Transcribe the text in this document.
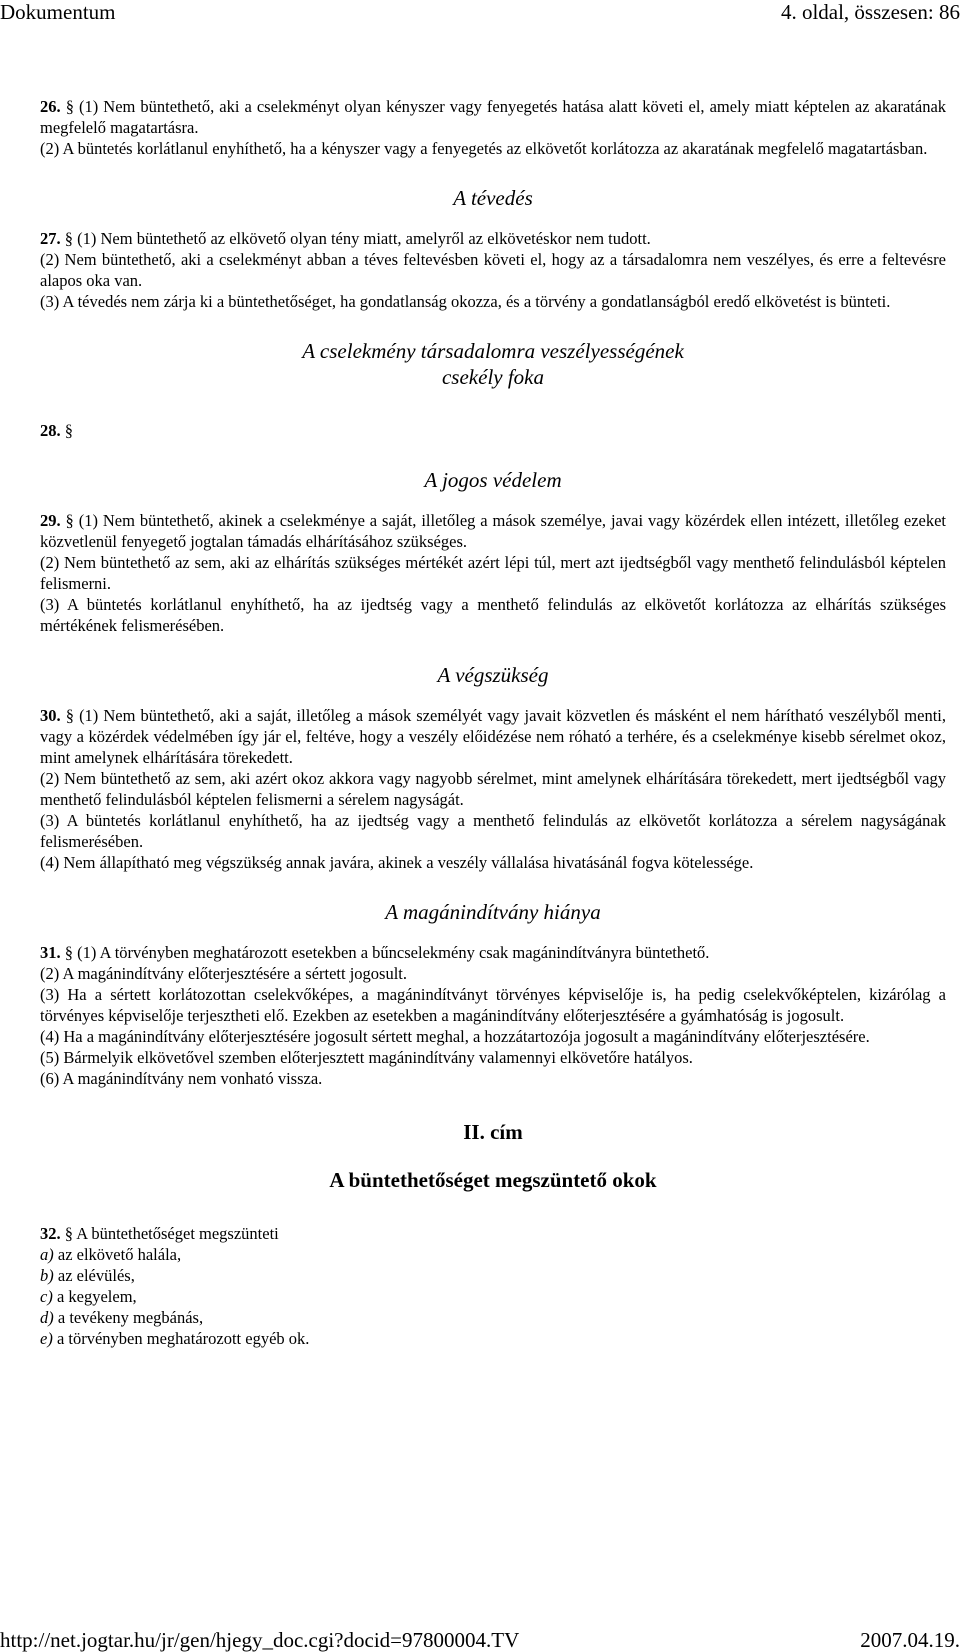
Dokumentum	4. oldal, összesen: 86

26. § (1) Nem büntethető, aki a cselekményt olyan kényszer vagy fenyegetés hatása alatt követi el, amely miatt képtelen az akaratának megfelelő magatartásra.

(2) A büntetés korlátlanul enyhíthető, ha a kényszer vagy a fenyegetés az elkövetőt korlátozza az akaratának megfelelő magatartásban.

A tévedés

27. § (1) Nem büntethető az elkövető olyan tény miatt, amelyről az elkövetéskor nem tudott.

(2) Nem büntethető, aki a cselekményt abban a téves feltevésben követi el, hogy az a társadalomra nem veszélyes, és erre a feltevésre alapos oka van.

(3) A tévedés nem zárja ki a büntethetőséget, ha gondatlanság okozza, és a törvény a gondatlanságból eredő elkövetést is bünteti.

A cselekmény társadalomra veszélyességének

csekély foka

28. §

A jogos védelem

29. § (1) Nem büntethető, akinek a cselekménye a saját, illetőleg a mások személye, javai vagy közérdek ellen intézett, illetőleg ezeket közvetlenül fenyegető jogtalan támadás elhárításához szükséges.

(2) Nem büntethető az sem, aki az elhárítás szükséges mértékét azért lépi túl, mert azt ijedtségből vagy menthető felindulásból képtelen felismerni.

(3) A büntetés korlátlanul enyhíthető, ha az ijedtség vagy a menthető felindulás az elkövetőt korlátozza az elhárítás szükséges mértékének felismerésében.

A végszükség

30. § (1) Nem büntethető, aki a saját, illetőleg a mások személyét vagy javait közvetlen és másként el nem hárítható veszélyből menti, vagy a közérdek védelmében így jár el, feltéve, hogy a veszély előidézése nem róható a terhére, és a cselekménye kisebb sérelmet okoz, mint amelynek elhárítására törekedett.

(2) Nem büntethető az sem, aki azért okoz akkora vagy nagyobb sérelmet, mint amelynek elhárítására törekedett, mert ijedtségből vagy menthető felindulásból képtelen felismerni a sérelem nagyságát.

(3) A büntetés korlátlanul enyhíthető, ha az ijedtség vagy a menthető felindulás az elkövetőt korlátozza a sérelem nagyságának felismerésében.

(4) Nem állapítható meg végszükség annak javára, akinek a veszély vállalása hivatásánál fogva kötelessége.

A magánindítvány hiánya

31. § (1) A törvényben meghatározott esetekben a bűncselekmény csak magánindítványra büntethető.

(2) A magánindítvány előterjesztésére a sértett jogosult.

(3) Ha a sértett korlátozottan cselekvőképes, a magánindítványt törvényes képviselője is, ha pedig cselekvőképtelen, kizárólag a törvényes képviselője terjesztheti elő. Ezekben az esetekben a magánindítvány előterjesztésére a gyámhatóság is jogosult.

(4) Ha a magánindítvány előterjesztésére jogosult sértett meghal, a hozzátartozója jogosult a magánindítvány előterjesztésére.

(5) Bármelyik elkövetővel szemben előterjesztett magánindítvány valamennyi elkövetőre hatályos.

(6) A magánindítvány nem vonható vissza.

II. cím

A büntethetőséget megszüntető okok

32. § A büntethetőséget megszünteti

a) az elkövető halála,

b) az elévülés,

c) a kegyelem,

d) a tevékeny megbánás,

e) a törvényben meghatározott egyéb ok.

http://net.jogtar.hu/jr/gen/hjegy_doc.cgi?docid=97800004.TV	2007.04.19.
